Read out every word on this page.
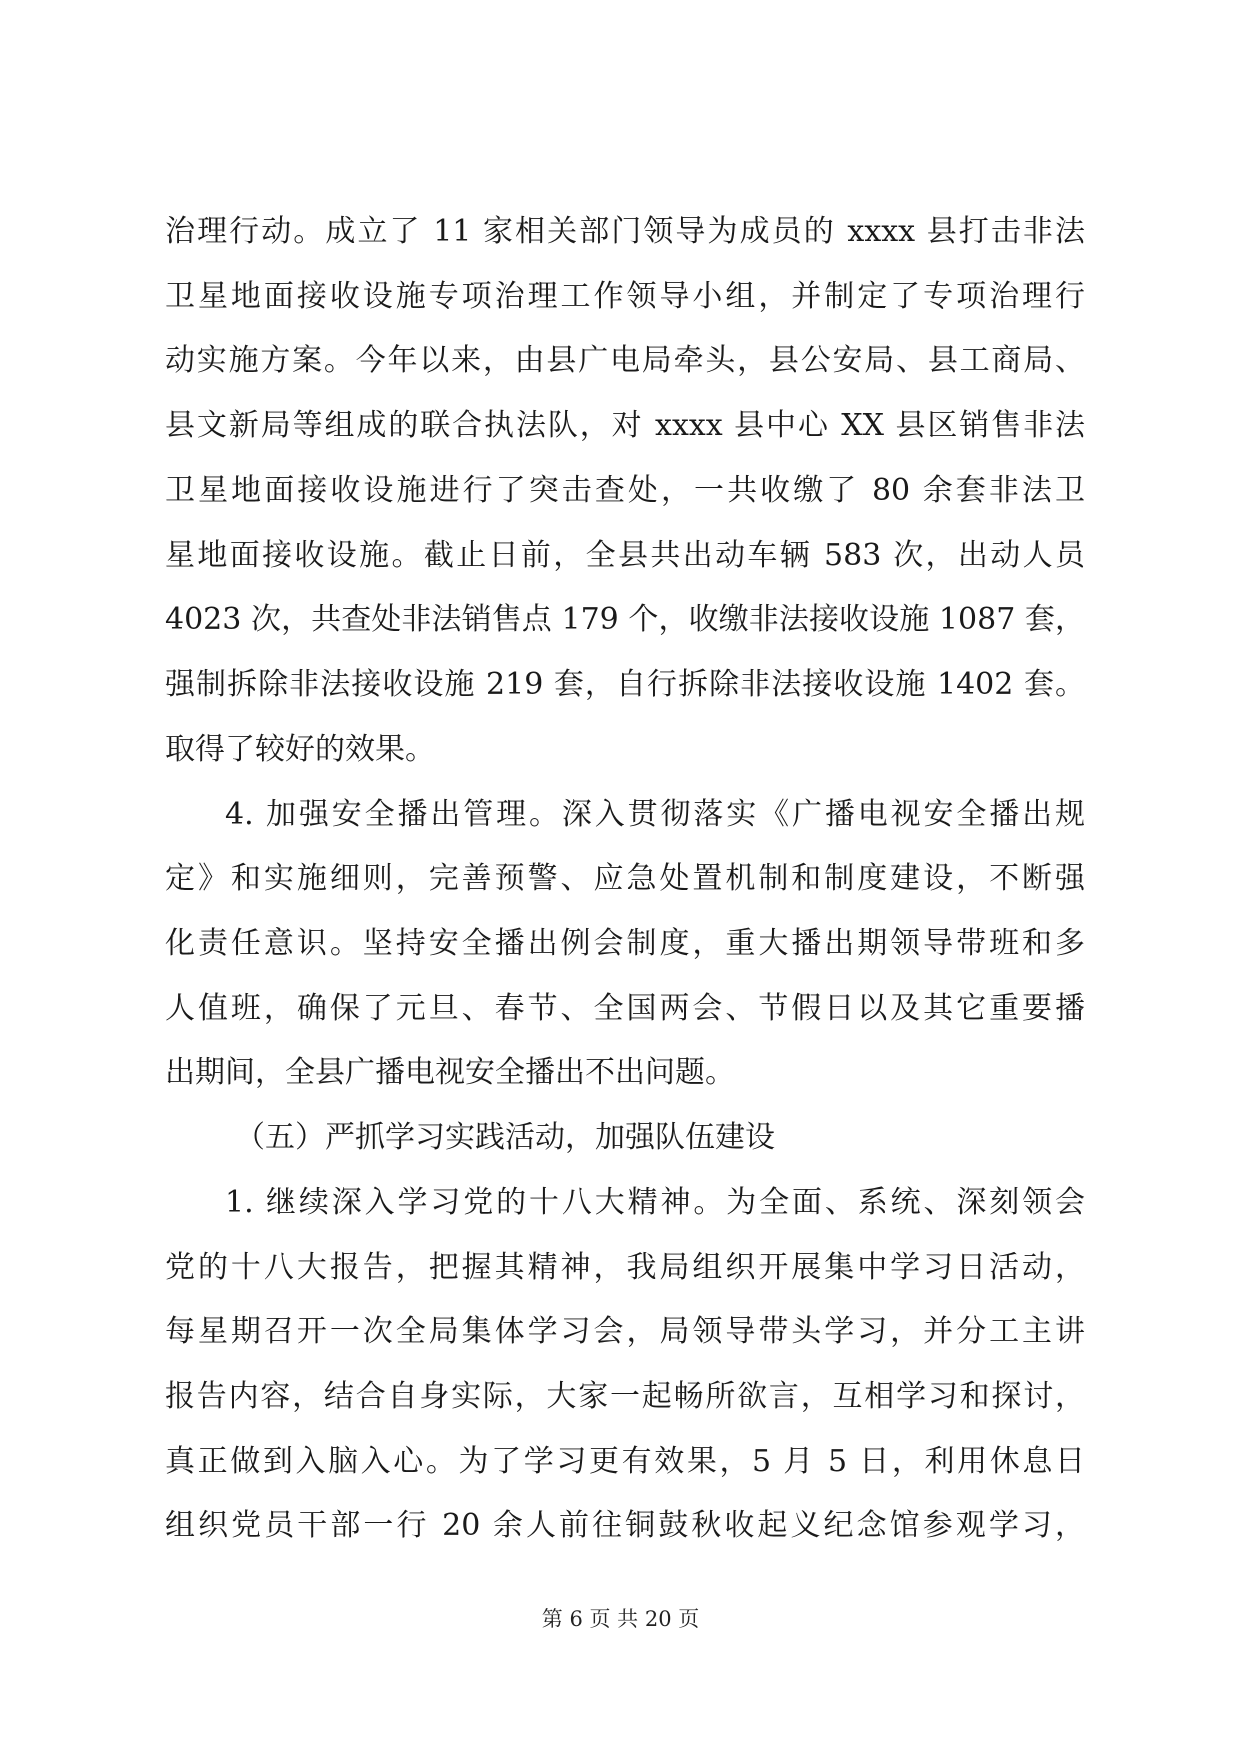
治理行动。成立了 11 家相关部门领导为成员的 xxxx 县打击非法
卫星地面接收设施专项治理工作领导小组，并制定了专项治理行
动实施方案。今年以来，由县广电局牵头，县公安局、县工商局、
县文新局等组成的联合执法队，对 xxxx 县中心 XX 县区销售非法
卫星地面接收设施进行了突击查处，一共收缴了 80 余套非法卫
星地面接收设施。截止日前，全县共出动车辆 583 次，出动人员
4023 次，共查处非法销售点 179 个，收缴非法接收设施 1087 套，
强制拆除非法接收设施 219 套，自行拆除非法接收设施 1402 套。
取得了较好的效果。
4. 加强安全播出管理。深入贯彻落实《广播电视安全播出规
定》和实施细则，完善预警、应急处置机制和制度建设，不断强
化责任意识。坚持安全播出例会制度，重大播出期领导带班和多
人值班，确保了元旦、春节、全国两会、节假日以及其它重要播
出期间，全县广播电视安全播出不出问题。
（五）严抓学习实践活动，加强队伍建设
1. 继续深入学习党的十八大精神。为全面、系统、深刻领会
党的十八大报告，把握其精神，我局组织开展集中学习日活动，
每星期召开一次全局集体学习会，局领导带头学习，并分工主讲
报告内容，结合自身实际，大家一起畅所欲言，互相学习和探讨，
真正做到入脑入心。为了学习更有效果，5 月 5 日，利用休息日
组织党员干部一行 20 余人前往铜鼓秋收起义纪念馆参观学习，
第 6 页 共 20 页
